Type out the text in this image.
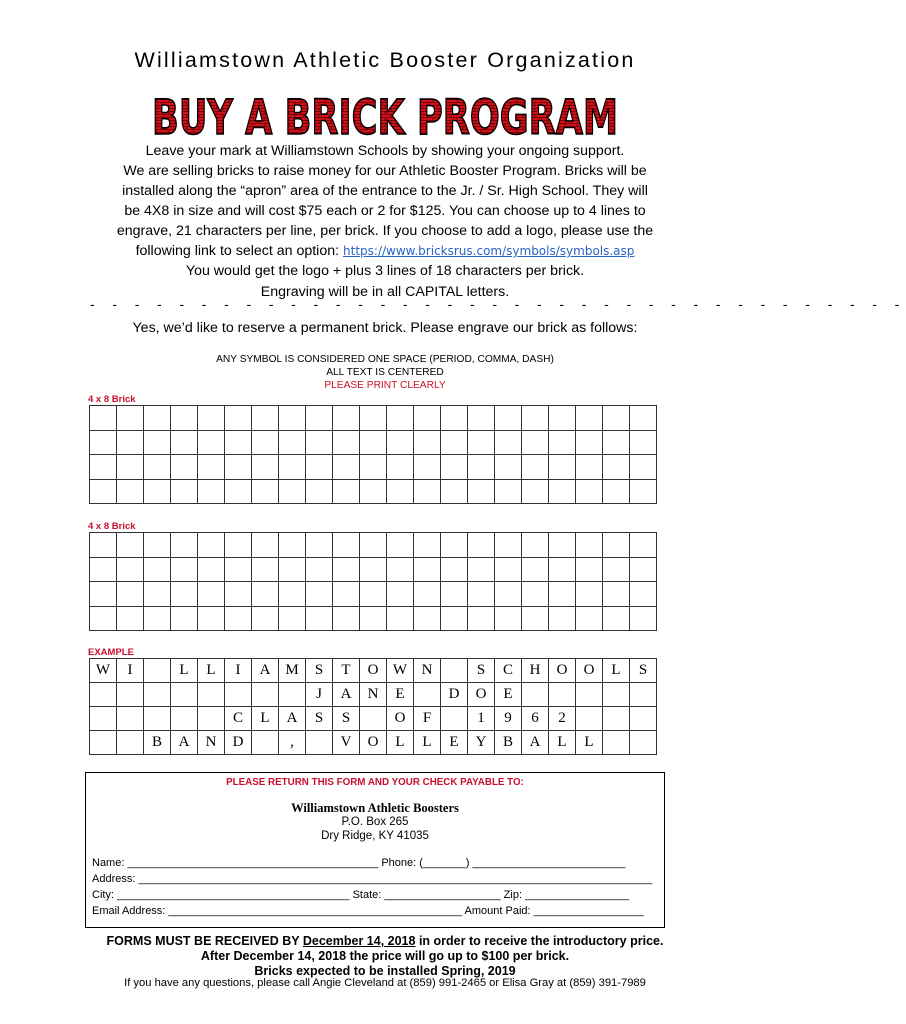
Williamstown Athletic Booster Organization
BUY A BRICK PROGRAM
Leave your mark at Williamstown Schools by showing your ongoing support.
We are selling bricks to raise money for our Athletic Booster Program. Bricks will be
installed along the “apron” area of the entrance to the Jr. / Sr. High School. They will
be 4X8 in size and will cost $75 each or 2 for $125. You can choose up to 4 lines to
engrave, 21 characters per line, per brick. If you choose to add a logo, please use the
following link to select an option: https://www.bricksrus.com/symbols/symbols.asp
You would get the logo + plus 3 lines of 18 characters per brick.
Engraving will be in all CAPITAL letters.
- - - - - - - - - - - - - - - - - - - - - - - - - - - - - - - - - - - - -
Yes, we’d like to reserve a permanent brick. Please engrave our brick as follows:
ANY SYMBOL IS CONSIDERED ONE SPACE (PERIOD, COMMA, DASH)
ALL TEXT IS CENTERED
PLEASE PRINT CLEARLY
4 x 8 Brick

4 x 8 Brick

EXAMPLE
W	I		L	L	I	A	M	S	T	O	W	N		S	C	H	O	O	L	S
								J	A	N	E		D	O	E					
					C	L	A	S	S		O	F		1	9	6	2			
		B	A	N	D		,		V	O	L	L	E	Y	B	A	L	L		
PLEASE RETURN THIS FORM AND YOUR CHECK PAYABLE TO:
Williamstown Athletic Boosters
P.O. Box 265
Dry Ridge, KY 41035
Name: _________________________________________ Phone: (_______) _________________________
Address: ____________________________________________________________________________________
City: ______________________________________ State: ___________________ Zip: _________________
Email Address: ________________________________________________ Amount Paid: __________________
FORMS MUST BE RECEIVED BY December 14, 2018 in order to receive the introductory price.
After December 14, 2018 the price will go up to $100 per brick.
Bricks expected to be installed Spring, 2019
If you have any questions, please call Angie Cleveland at (859) 991-2465 or Elisa Gray at (859) 391-7989
